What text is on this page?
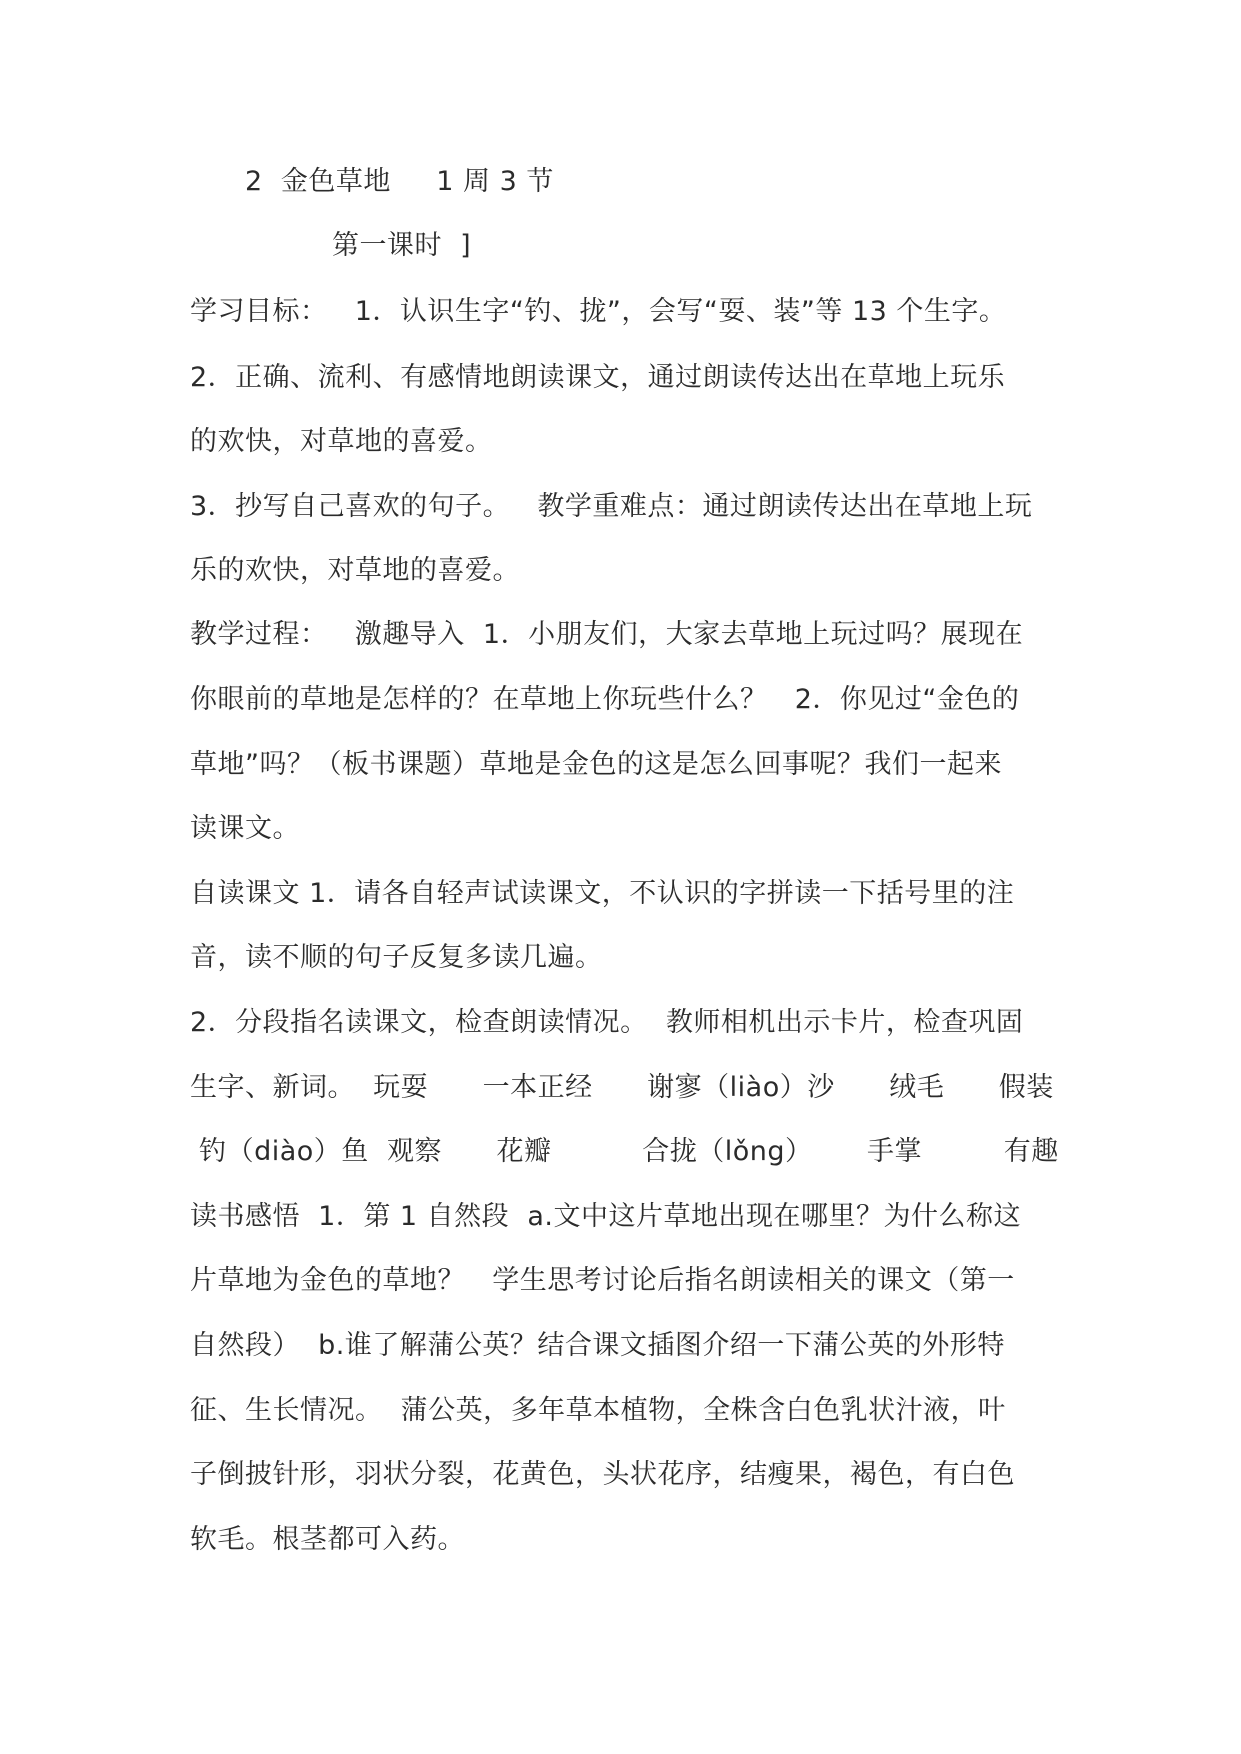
2  金色草地     1 周 3 节
第一课时  ]
学习目标：   1．认识生字“钓、拢”，会写“耍、装”等 13 个生字。
2．正确、流利、有感情地朗读课文，通过朗读传达出在草地上玩乐
的欢快，对草地的喜爱。
3．抄写自己喜欢的句子。   教学重难点：通过朗读传达出在草地上玩
乐的欢快，对草地的喜爱。
教学过程：   激趣导入  1．小朋友们，大家去草地上玩过吗？展现在
你眼前的草地是怎样的？在草地上你玩些什么？   2．你见过“金色的
草地”吗？（板书课题）草地是金色的这是怎么回事呢？我们一起来
读课文。
自读课文 1．请各自轻声试读课文，不认识的字拼读一下括号里的注
音，读不顺的句子反复多读几遍。
2．分段指名读课文，检查朗读情况。  教师相机出示卡片，检查巩固
生字、新词。  玩耍      一本正经      谢寥（liào）沙      绒毛      假装
钓（diào）鱼  观察      花瓣          合拢（lǒng）      手掌         有趣
读书感悟  1．第 1 自然段  a.文中这片草地出现在哪里？为什么称这
片草地为金色的草地？   学生思考讨论后指名朗读相关的课文（第一
自然段）  b.谁了解蒲公英？结合课文插图介绍一下蒲公英的外形特
征、生长情况。  蒲公英，多年草本植物，全株含白色乳状汁液，叶
子倒披针形，羽状分裂，花黄色，头状花序，结瘦果，褐色，有白色
软毛。根茎都可入药。
